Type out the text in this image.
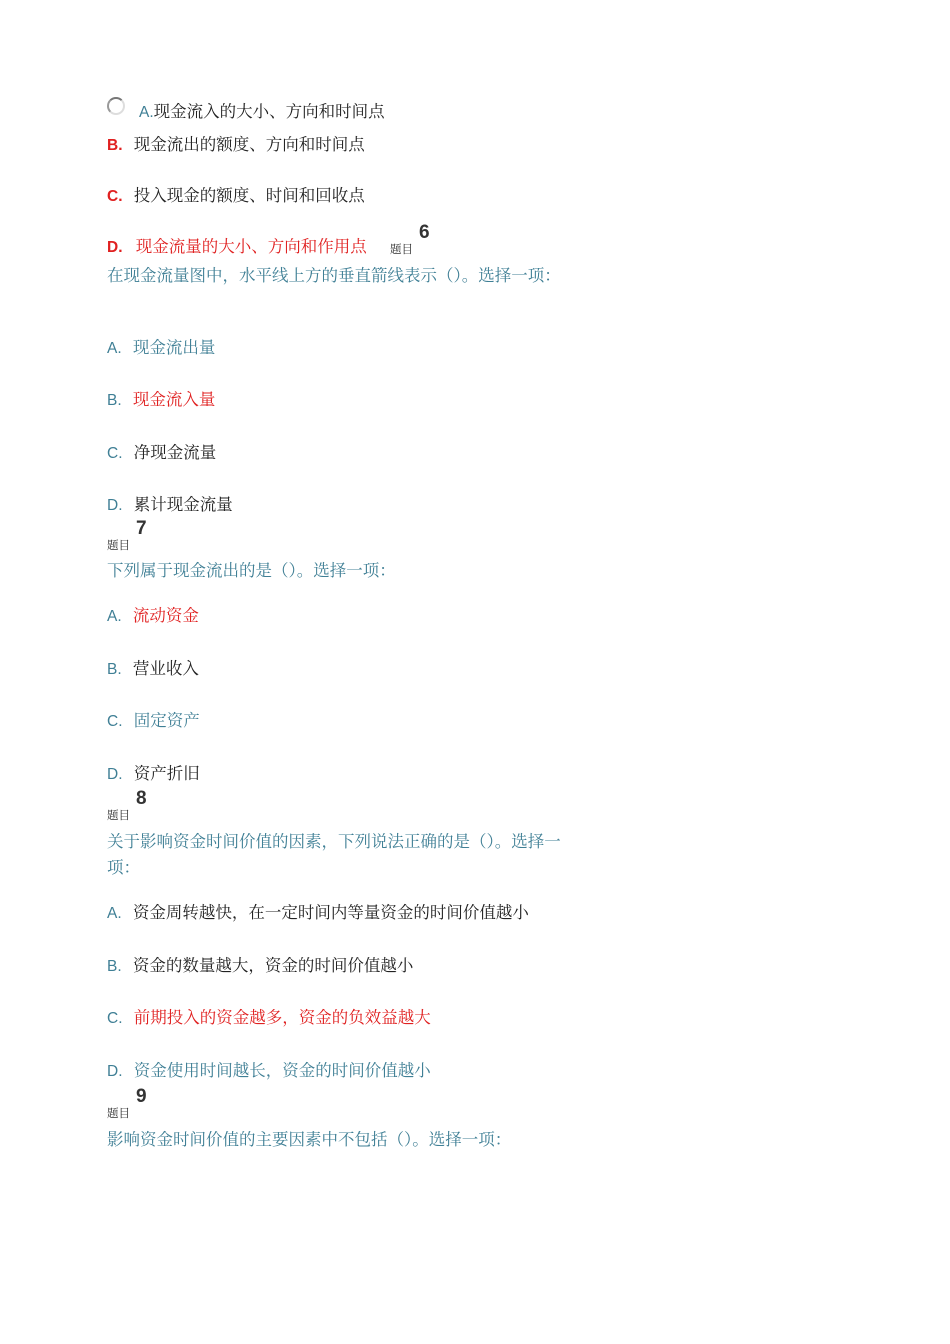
A.现金流入的大小、方向和时间点
B. 现金流出的额度、方向和时间点
C. 投入现金的额度、时间和回收点
D. 现金流量的大小、方向和作用点 题目
6
在现金流量图中，水平线上方的垂直箭线表示（）。选择一项：
A. 现金流出量
B. 现金流入量
C. 净现金流量
D. 累计现金流量
7
题目
下列属于现金流出的是（）。选择一项：
A. 流动资金
B. 营业收入
C. 固定资产
D. 资产折旧
8
题目
关于影响资金时间价值的因素，下列说法正确的是（）。选择一项：
A. 资金周转越快，在一定时间内等量资金的时间价值越小
B. 资金的数量越大，资金的时间价值越小
C. 前期投入的资金越多，资金的负效益越大
D. 资金使用时间越长，资金的时间价值越小
9
题目
影响资金时间价值的主要因素中不包括（）。选择一项：
